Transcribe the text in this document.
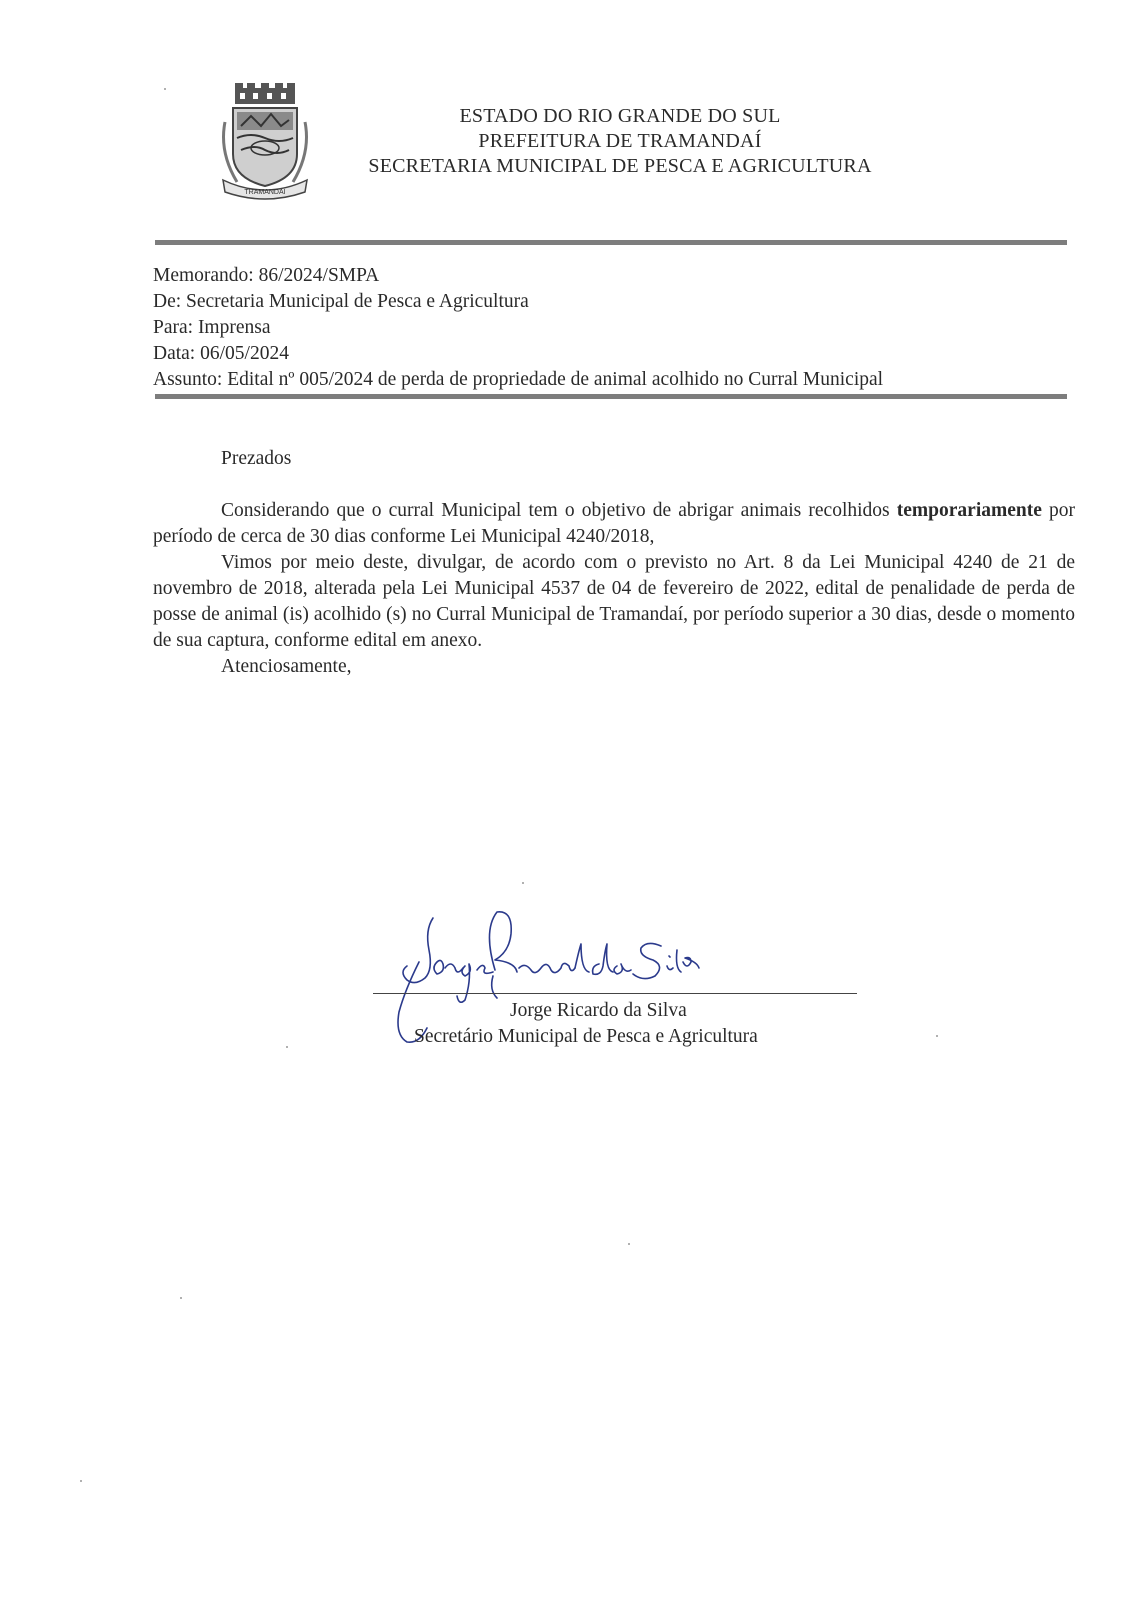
TRAMANDAÍ
ESTADO DO RIO GRANDE DO SUL
PREFEITURA DE TRAMANDAÍ
SECRETARIA MUNICIPAL DE PESCA E AGRICULTURA
Memorando: 86/2024/SMPA
De: Secretaria Municipal de Pesca e Agricultura
Para: Imprensa
Data: 06/05/2024
Assunto: Edital nº 005/2024 de perda de propriedade de animal acolhido no Curral Municipal
Prezados

Considerando que o curral Municipal tem o objetivo de abrigar animais recolhidos temporariamente por período de cerca de 30 dias conforme Lei Municipal 4240/2018,

Vimos por meio deste, divulgar, de acordo com o previsto no Art. 8 da Lei Municipal 4240 de 21 de novembro de 2018, alterada pela Lei Municipal 4537 de 04 de fevereiro de 2022, edital de penalidade de perda de posse de animal (is) acolhido (s) no Curral Municipal de Tramandaí, por período superior a 30 dias, desde o momento de sua captura, conforme edital em anexo.

Atenciosamente,
Jorge Ricardo da Silva
Secretário Municipal de Pesca e Agricultura
